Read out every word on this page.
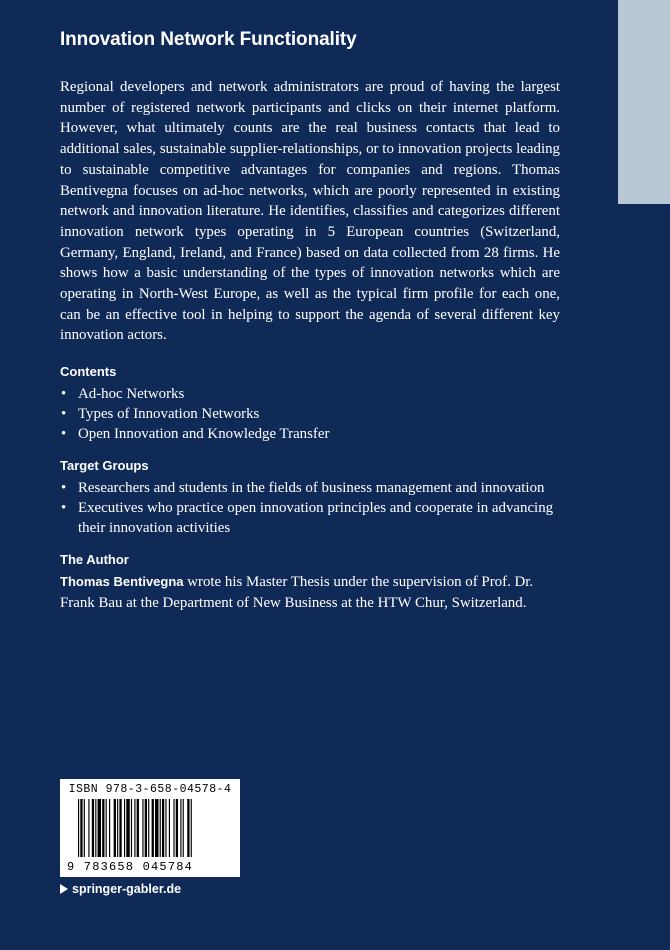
Innovation Network Functionality

Regional developers and network administrators are proud of having the largest number of registered network participants and clicks on their internet platform. However, what ultimately counts are the real business contacts that lead to additional sales, sustainable supplier-relationships, or to innovation projects leading to sustainable competitive advantages for companies and regions. Thomas Bentivegna focuses on ad-hoc networks, which are poorly represented in existing network and innovation literature. He identifies, classifies and categorizes different innovation network types operating in 5 European countries (Switzerland, Germany, England, Ireland, and France) based on data collected from 28 firms. He shows how a basic understanding of the types of innovation networks which are operating in North-West Europe, as well as the typical firm profile for each one, can be an effective tool in helping to support the agenda of several different key innovation actors.

Contents
• Ad-hoc Networks
• Types of Innovation Networks
• Open Innovation and Knowledge Transfer
Target Groups
• Researchers and students in the fields of business management and innovation
• Executives who practice open innovation principles and cooperate in advancing their innovation activities
The Author

Thomas Bentivegna wrote his Master Thesis under the supervision of Prof. Dr. Frank Bau at the Department of New Business at the HTW Chur, Switzerland.

ISBN 978-3-658-04578-4
9 783658 045784
springer-gabler.de
